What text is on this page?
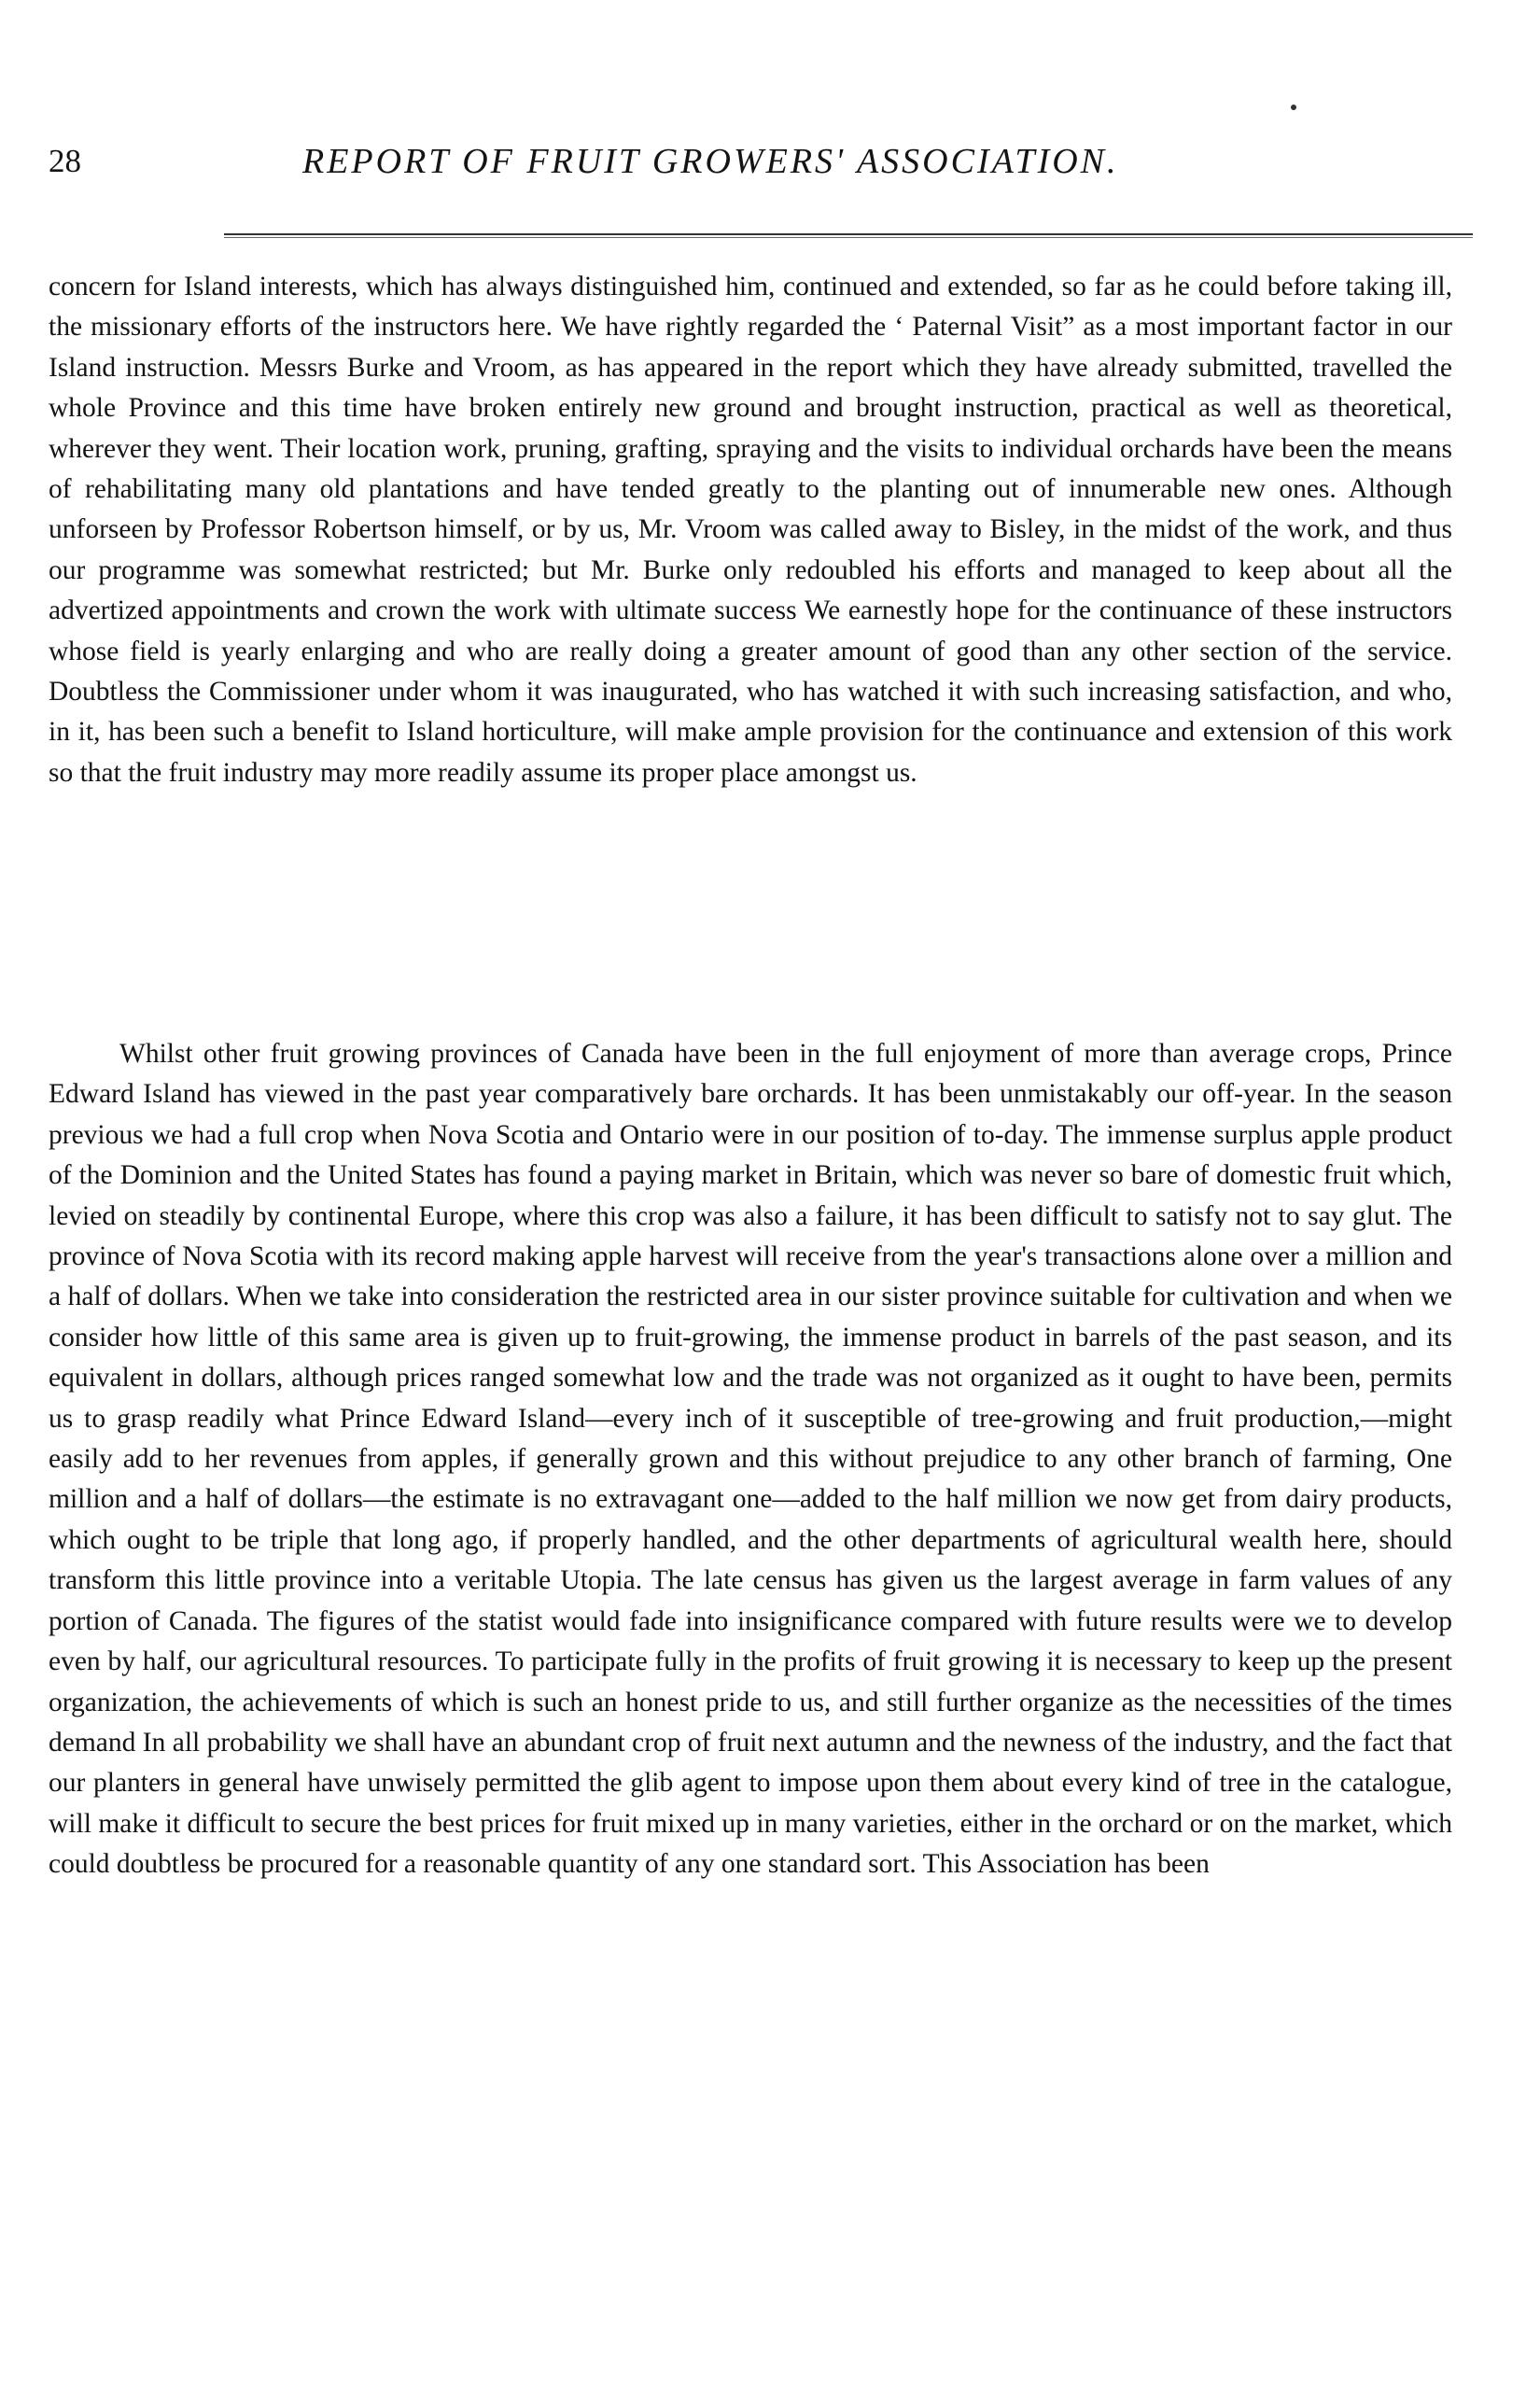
28	REPORT OF FRUIT GROWERS' ASSOCIATION.

concern for Island interests, which has always distinguished him, continued and extended, so far as he could before taking ill, the missionary efforts of the instructors here. We have rightly regarded the ‘ Paternal Visit” as a most important factor in our Island instruction. Messrs Burke and Vroom, as has appeared in the report which they have already submitted, travelled the whole Province and this time have broken entirely new ground and brought instruction, practical as well as theoretical, wherever they went. Their location work, pruning, grafting, spraying and the visits to individual orchards have been the means of rehabilitating many old plantations and have tended greatly to the planting out of innumerable new ones. Although unforseen by Professor Robertson himself, or by us, Mr. Vroom was called away to Bisley, in the midst of the work, and thus our programme was somewhat restricted; but Mr. Burke only redoubled his efforts and managed to keep about all the advertized appointments and crown the work with ultimate success We earnestly hope for the continuance of these instructors whose field is yearly enlarging and who are really doing a greater amount of good than any other section of the service. Doubtless the Commissioner under whom it was inaugurated, who has watched it with such increasing satisfaction, and who, in it, has been such a benefit to Island horticulture, will make ample provision for the continuance and extension of this work so that the fruit industry may more readily assume its proper place amongst us.

Whilst other fruit growing provinces of Canada have been in the full enjoyment of more than average crops, Prince Edward Island has viewed in the past year comparatively bare orchards. It has been unmistakably our off-year. In the season previous we had a full crop when Nova Scotia and Ontario were in our position of to-day. The immense surplus apple product of the Dominion and the United States has found a paying market in Britain, which was never so bare of domestic fruit which, levied on steadily by continental Europe, where this crop was also a failure, it has been difficult to satisfy not to say glut. The province of Nova Scotia with its record making apple harvest will receive from the year's transactions alone over a million and a half of dollars. When we take into consideration the restricted area in our sister province suitable for cultivation and when we consider how little of this same area is given up to fruit-growing, the immense product in barrels of the past season, and its equivalent in dollars, although prices ranged somewhat low and the trade was not organized as it ought to have been, permits us to grasp readily what Prince Edward Island—every inch of it susceptible of tree-growing and fruit production,—might easily add to her revenues from apples, if generally grown and this without prejudice to any other branch of farming, One million and a half of dollars—the estimate is no extravagant one—added to the half million we now get from dairy products, which ought to be triple that long ago, if properly handled, and the other departments of agricultural wealth here, should transform this little province into a veritable Utopia. The late census has given us the largest average in farm values of any portion of Canada. The figures of the statist would fade into insignificance compared with future results were we to develop even by half, our agricultural resources. To participate fully in the profits of fruit growing it is necessary to keep up the present organization, the achievements of which is such an honest pride to us, and still further organize as the necessities of the times demand In all probability we shall have an abundant crop of fruit next autumn and the newness of the industry, and the fact that our planters in general have unwisely permitted the glib agent to impose upon them about every kind of tree in the catalogue, will make it difficult to secure the best prices for fruit mixed up in many varieties, either in the orchard or on the market, which could doubtless be procured for a reasonable quantity of any one standard sort. This Association has been
